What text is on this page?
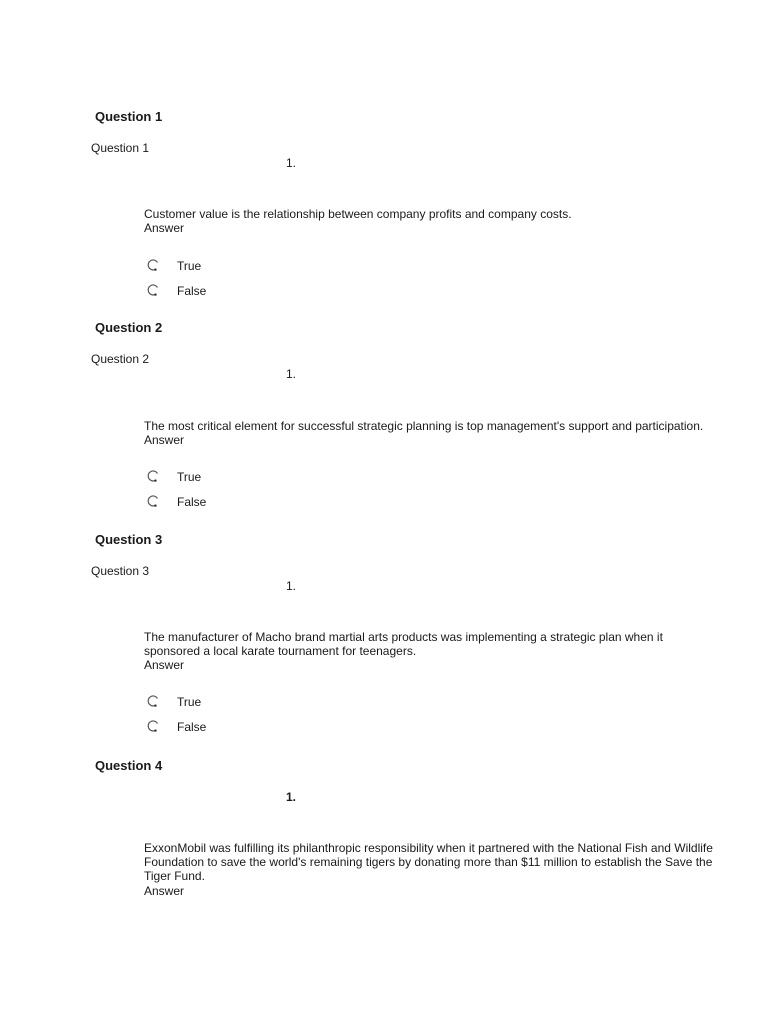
Question 1
Question 1
1.
Customer value is the relationship between company profits and company costs.
Answer
True
False
Question 2
Question 2
1.
The most critical element for successful strategic planning is top management's support and participation.
Answer
True
False
Question 3
Question 3
1.
The manufacturer of Macho brand martial arts products was implementing a strategic plan when it sponsored a local karate tournament for teenagers.
Answer
True
False
Question 4
1.
ExxonMobil was fulfilling its philanthropic responsibility when it partnered with the National Fish and Wildlife Foundation to save the world's remaining tigers by donating more than $11 million to establish the Save the Tiger Fund.
Answer
